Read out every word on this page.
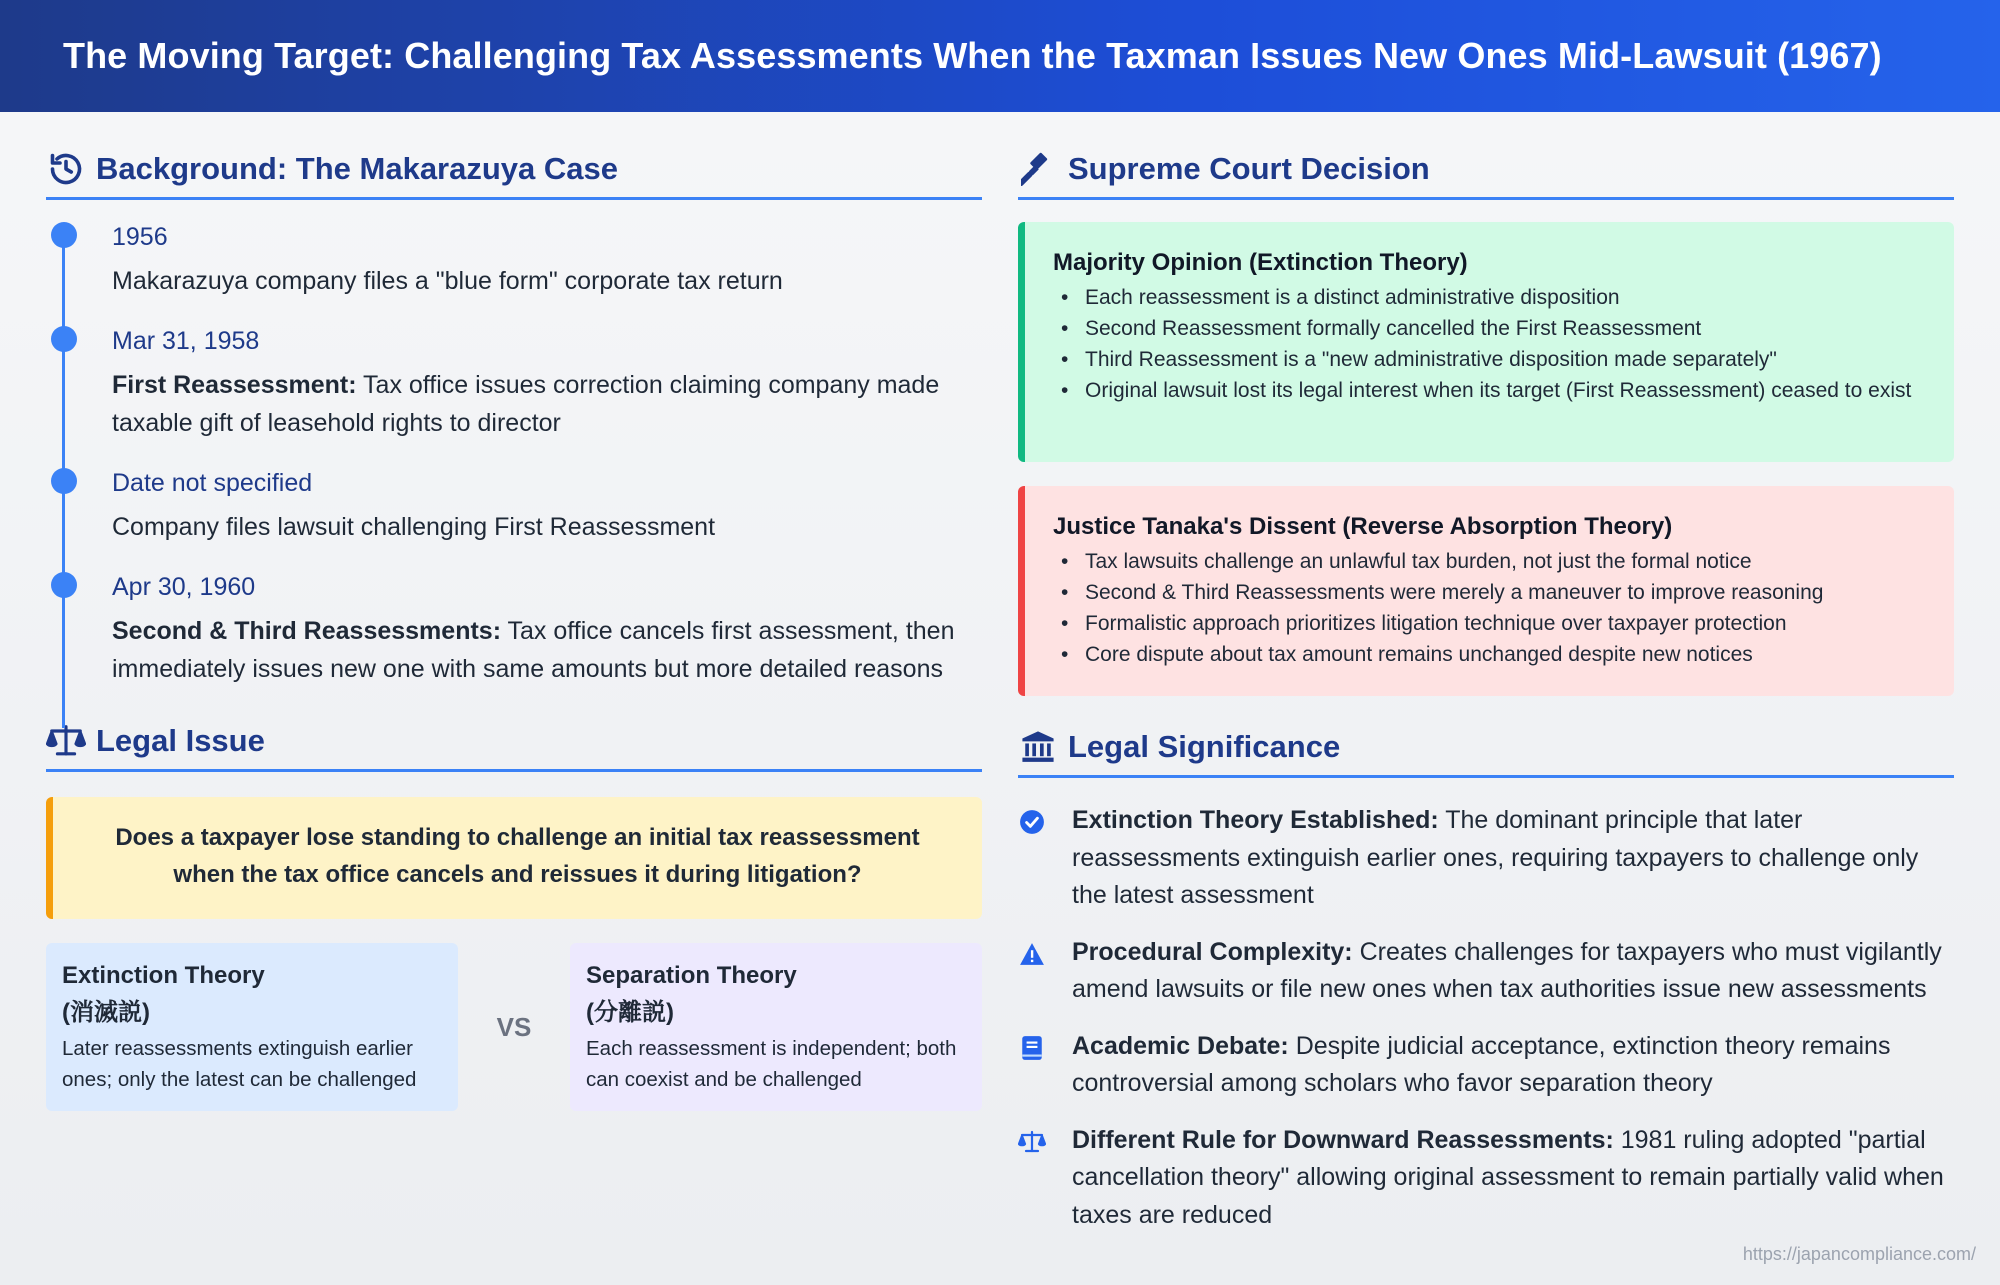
The Moving Target: Challenging Tax Assessments When the Taxman Issues New Ones Mid-Lawsuit (1967)
Background: The Makarazuya Case
1956
Makarazuya company files a "blue form" corporate tax return
Mar 31, 1958
First Reassessment: Tax office issues correction claiming company made taxable gift of leasehold rights to director
Date not specified
Company files lawsuit challenging First Reassessment
Apr 30, 1960
Second & Third Reassessments: Tax office cancels first assessment, then immediately issues new one with same amounts but more detailed reasons
Legal Issue
Does a taxpayer lose standing to challenge an initial tax reassessment when the tax office cancels and reissues it during litigation?
Extinction Theory
(消滅説)

Later reassessments extinguish earlier ones; only the latest can be challenged

VS
Separation Theory
(分離説)

Each reassessment is independent; both can coexist and be challenged

Supreme Court Decision
Majority Opinion (Extinction Theory)
• Each reassessment is a distinct administrative disposition
• Second Reassessment formally cancelled the First Reassessment
• Third Reassessment is a "new administrative disposition made separately"
• Original lawsuit lost its legal interest when its target (First Reassessment) ceased to exist
Justice Tanaka's Dissent (Reverse Absorption Theory)
• Tax lawsuits challenge an unlawful tax burden, not just the formal notice
• Second & Third Reassessments were merely a maneuver to improve reasoning
• Formalistic approach prioritizes litigation technique over taxpayer protection
• Core dispute about tax amount remains unchanged despite new notices
Legal Significance
Extinction Theory Established: The dominant principle that later reassessments extinguish earlier ones, requiring taxpayers to challenge only the latest assessment
Procedural Complexity: Creates challenges for taxpayers who must vigilantly amend lawsuits or file new ones when tax authorities issue new assessments
Academic Debate: Despite judicial acceptance, extinction theory remains controversial among scholars who favor separation theory
Different Rule for Downward Reassessments: 1981 ruling adopted "partial cancellation theory" allowing original assessment to remain partially valid when taxes are reduced
https://japancompliance.com/
